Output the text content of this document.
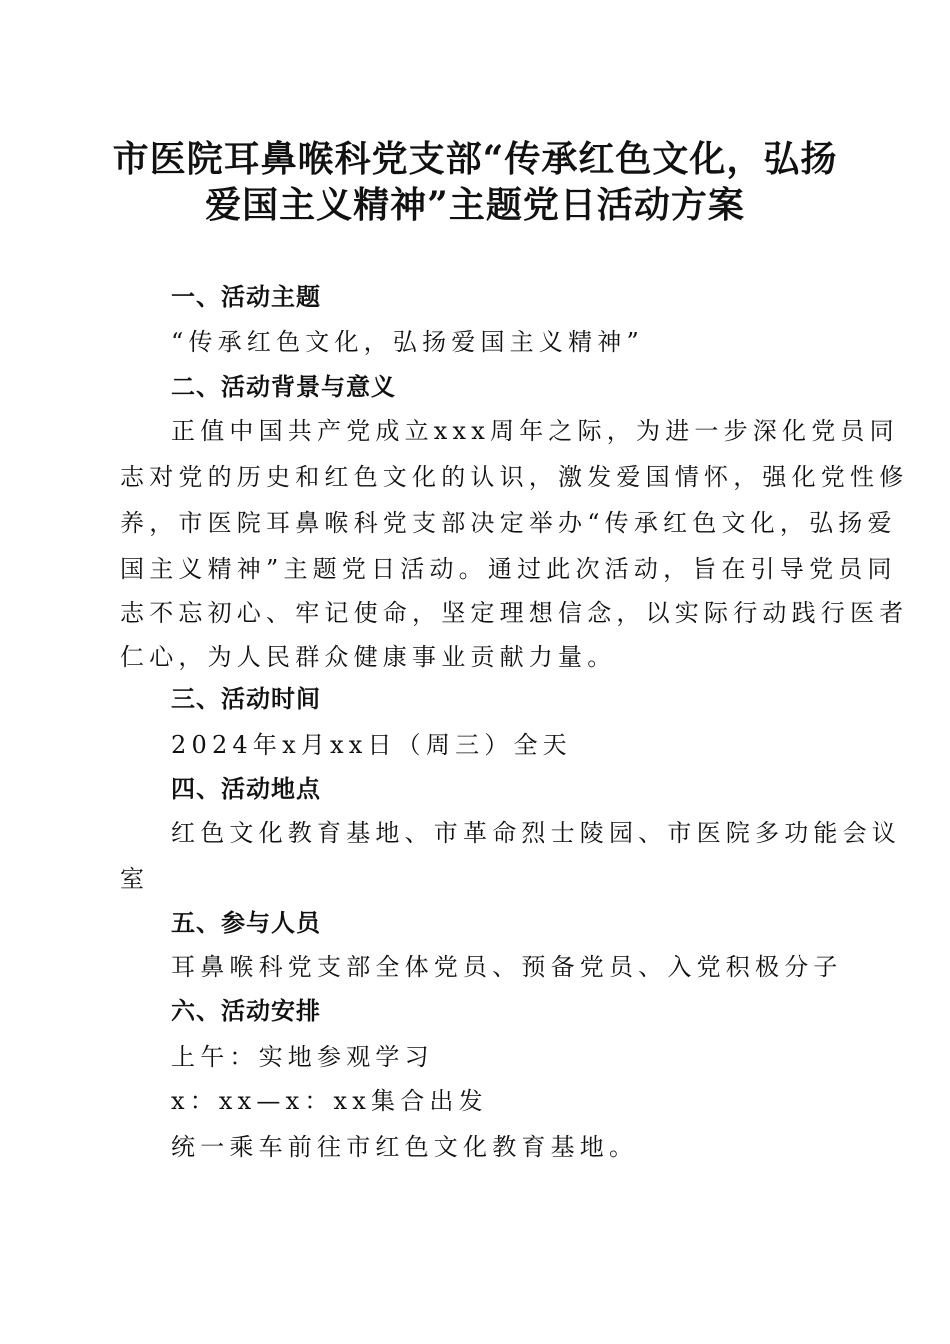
市医院耳鼻喉科党支部“传承红色文化，弘扬
爱国主义精神”主题党日活动方案

一、活动主题

“传承红色文化，弘扬爱国主义精神”

二、活动背景与意义

正值中国共产党成立xxx周年之际，为进一步深化党员同

志对党的历史和红色文化的认识，激发爱国情怀，强化党性修

养，市医院耳鼻喉科党支部决定举办“传承红色文化，弘扬爱

国主义精神”主题党日活动。通过此次活动，旨在引导党员同

志不忘初心、牢记使命，坚定理想信念，以实际行动践行医者

仁心，为人民群众健康事业贡献力量。

三、活动时间

2024年x月xx日（周三）全天

四、活动地点

红色文化教育基地、市革命烈士陵园、市医院多功能会议

室

五、参与人员

耳鼻喉科党支部全体党员、预备党员、入党积极分子

六、活动安排

上午：实地参观学习

x：xx—x：xx集合出发

统一乘车前往市红色文化教育基地。
